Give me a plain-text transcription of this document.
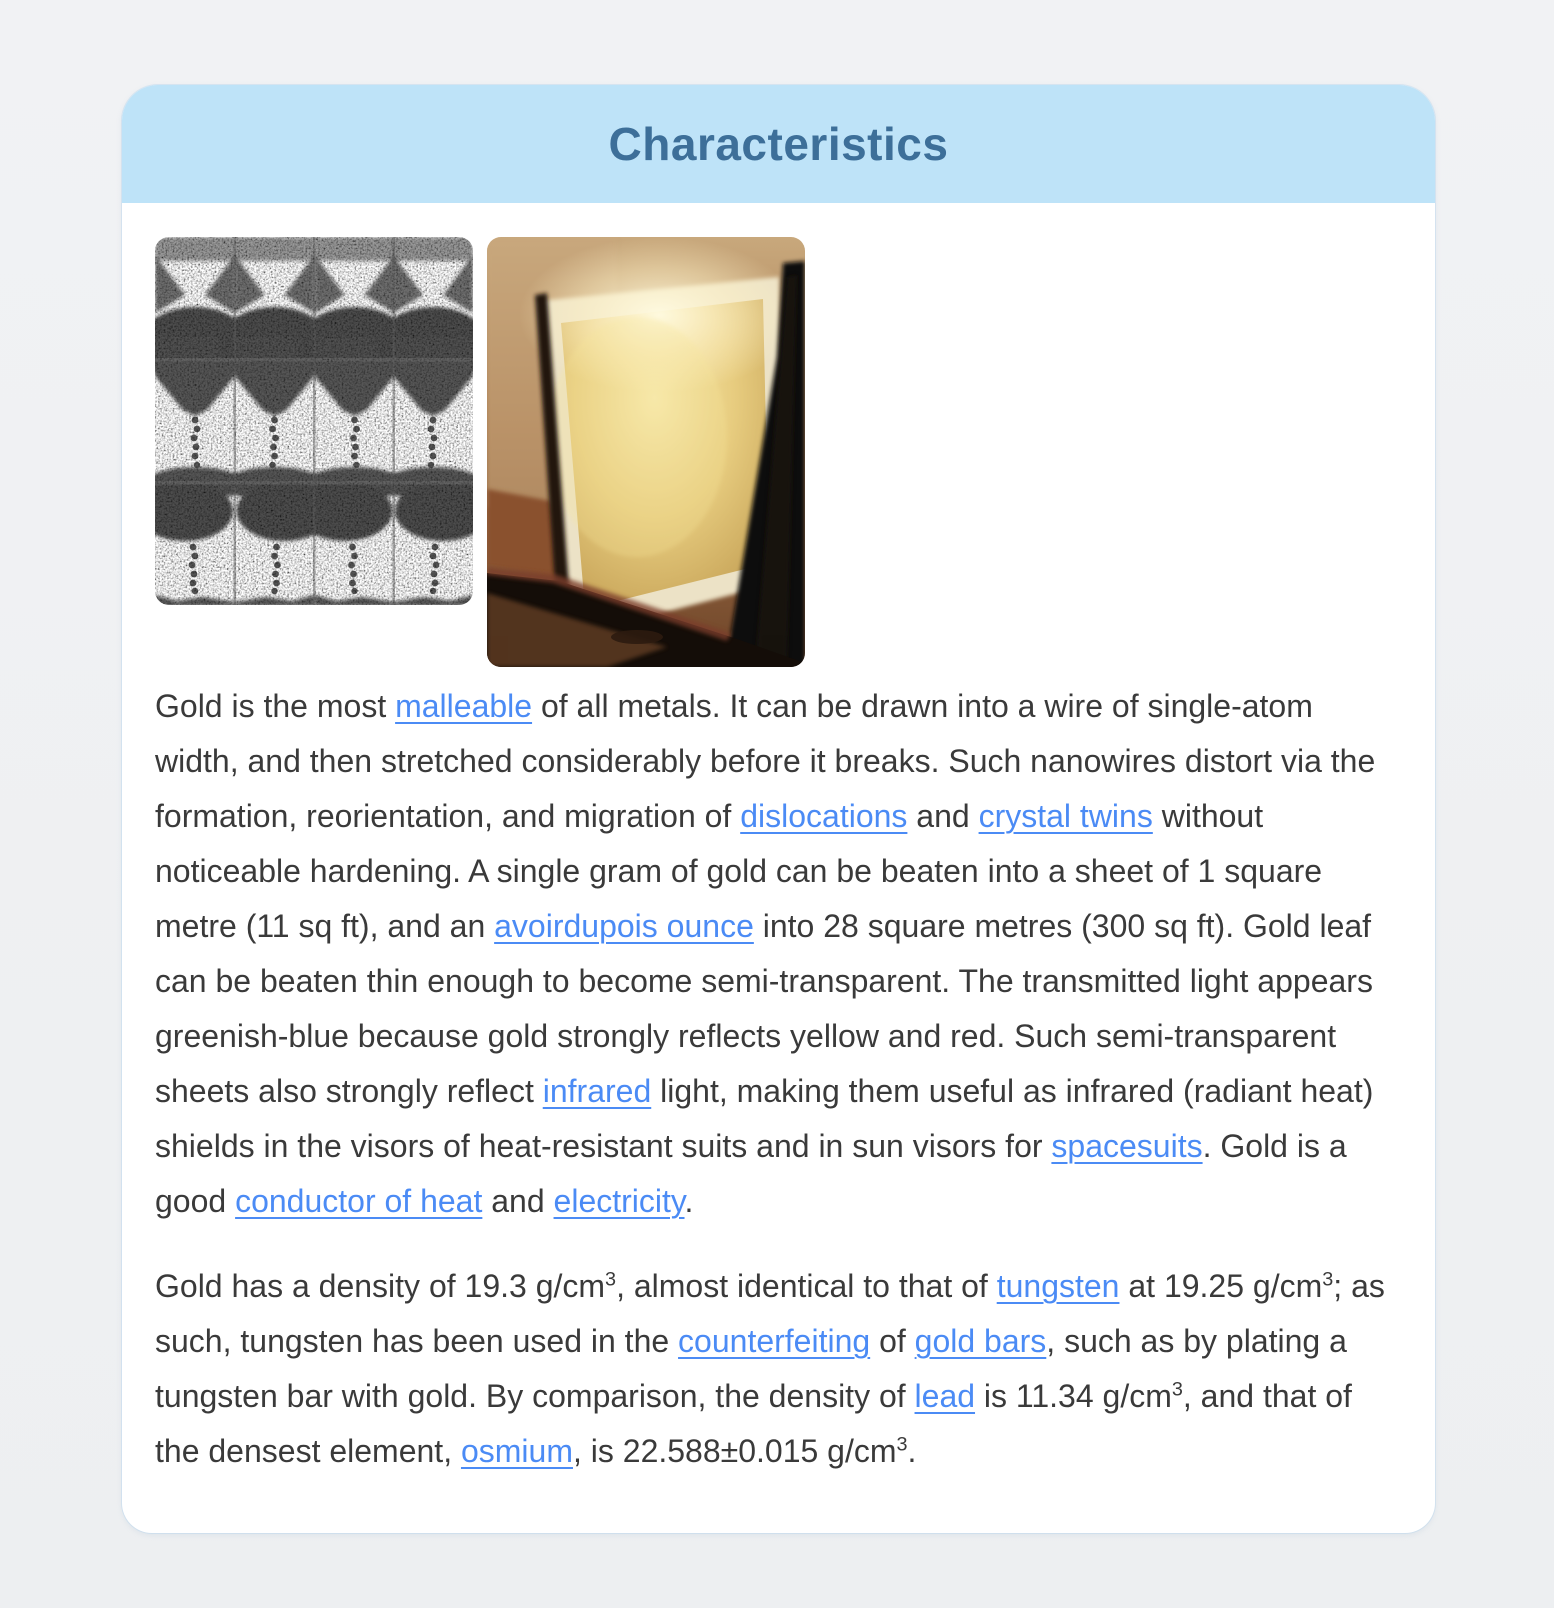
Characteristics

Gold is the most malleable of all metals. It can be drawn into a wire of single-atom width, and then stretched considerably before it breaks. Such nanowires distort via the formation, reorientation, and migration of dislocations and crystal twins without noticeable hardening. A single gram of gold can be beaten into a sheet of 1 square metre (11 sq ft), and an avoirdupois ounce into 28 square metres (300 sq ft). Gold leaf can be beaten thin enough to become semi-transparent. The transmitted light appears greenish-blue because gold strongly reflects yellow and red. Such semi-transparent sheets also strongly reflect infrared light, making them useful as infrared (radiant heat) shields in the visors of heat-resistant suits and in sun visors for spacesuits. Gold is a good conductor of heat and electricity.

Gold has a density of 19.3 $g/cm^3$, almost identical to that of tungsten at 19.25 $g/cm^3$; as such, tungsten has been used in the counterfeiting of gold bars, such as by plating a tungsten bar with gold. By comparison, the density of lead is 11.34 $g/cm^3$, and that of the densest element, osmium, is 22.588±0.015 $g/cm^3$.
